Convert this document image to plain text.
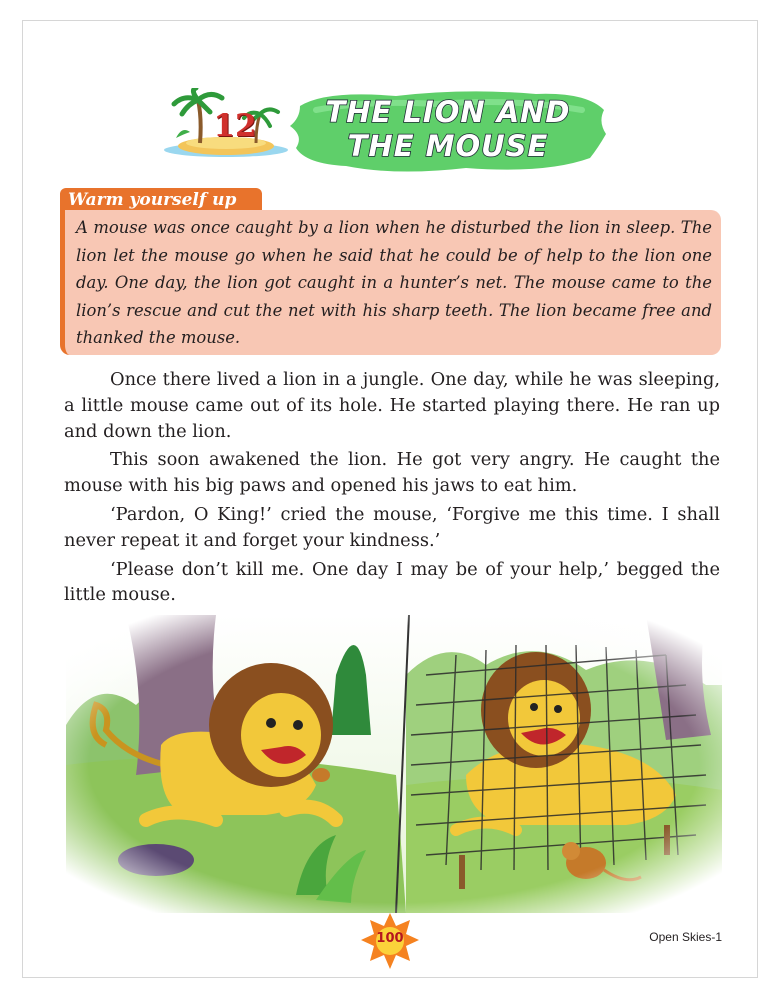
12	THE LION AND
THE MOUSE
Warm yourself up
A mouse was once caught by a lion when he disturbed the lion in sleep. The lion let the mouse go when he said that he could be of help to the lion one day. One day, the lion got caught in a hunter’s net. The mouse came to the lion’s rescue and cut the net with his sharp teeth. The lion became free and thanked the mouse.

Once there lived a lion in a jungle. One day, while he was sleeping, a little mouse came out of its hole. He started playing there. He ran up and down the lion.

This soon awakened the lion. He got very angry. He caught the mouse with his big paws and opened his jaws to eat him.

‘Pardon, O King!’ cried the mouse, ‘Forgive me this time. I shall never repeat it and forget your kindness.’

‘Please don’t kill me. One day I may be of your help,’ begged the little mouse.

100	Open Skies-1
